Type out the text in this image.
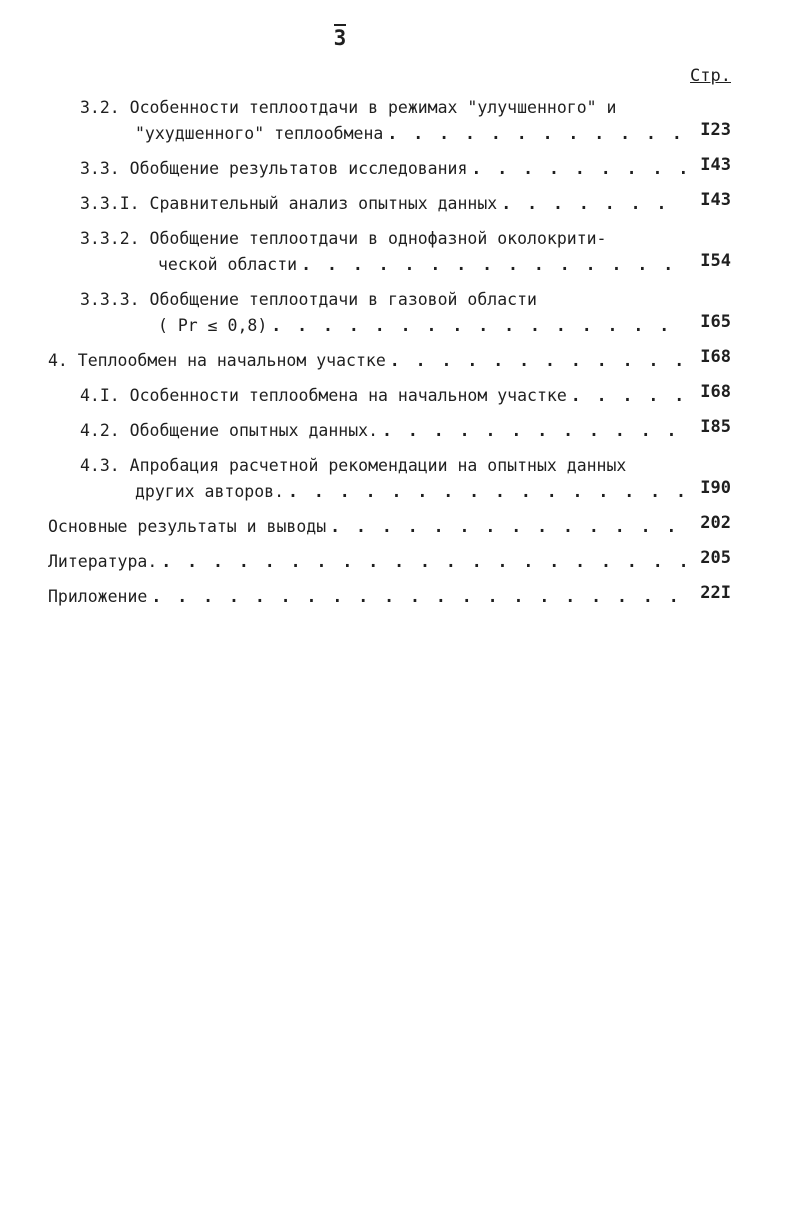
3
Стр.
3.2. Особенности теплоотдачи в режимах "улучшенного" и
"ухудшенного" теплообмена . . .	I23
3.3. Обобщение результатов исследования . . .	I43
3.3.I. Сравнительный анализ опытных данных . . .	I43
3.3.2. Обобщение теплоотдачи в однофазной околокрити-
ческой области . . .	I54
3.3.3. Обобщение теплоотдачи в газовой области
( Pr ≤ 0,8) . . .	I65
4. Теплообмен на начальном участке . . .	I68
4.I. Особенности теплообмена на начальном участке . . .	I68
4.2. Обобщение опытных данных. . . .	I85
4.3. Апробация расчетной рекомендации на опытных данных
других авторов. . . .	I90
Основные результаты и выводы . . .	202
Литература. . . .	205
Приложение . . .	22I
